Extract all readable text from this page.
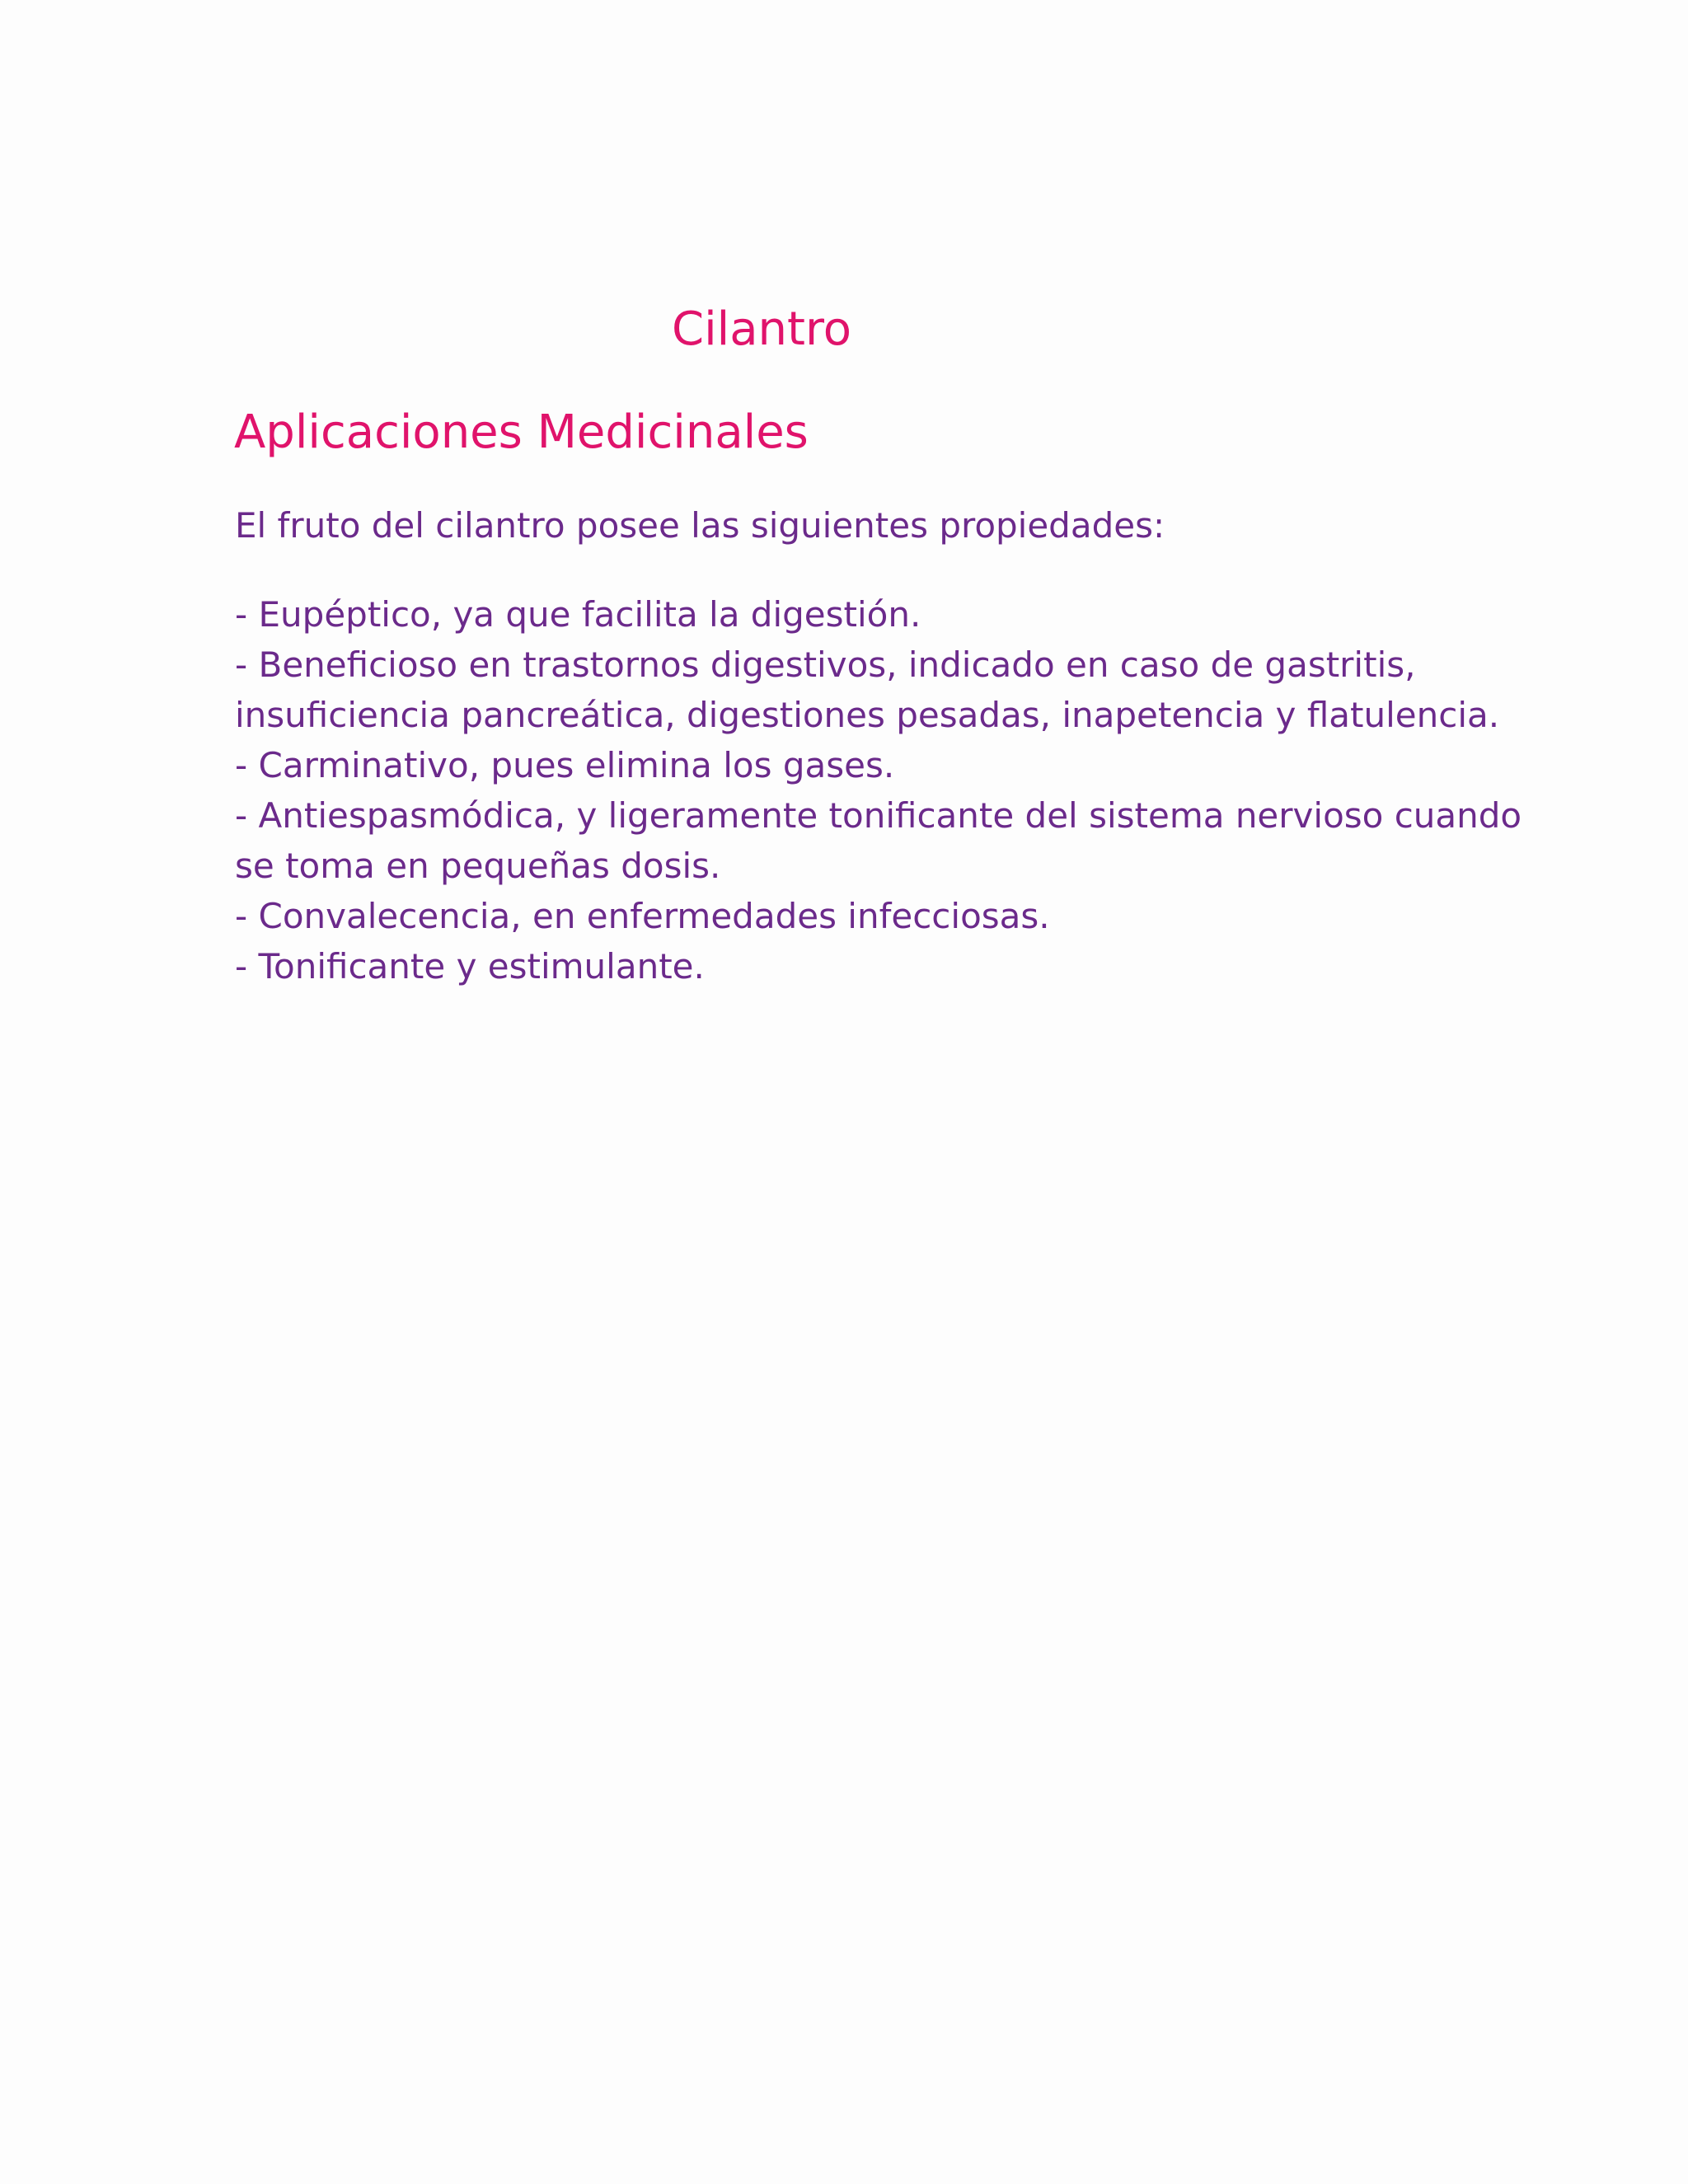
Cilantro
Aplicaciones Medicinales

El fruto del cilantro posee las siguientes propiedades:

- Eupéptico, ya que facilita la digestión.
- Beneficioso en trastornos digestivos, indicado en caso de gastritis,
insuficiencia pancreática, digestiones pesadas, inapetencia y flatulencia.
- Carminativo, pues elimina los gases.
- Antiespasmódica, y ligeramente tonificante del sistema nervioso cuando
se toma en pequeñas dosis.
- Convalecencia, en enfermedades infecciosas.
- Tonificante y estimulante.
